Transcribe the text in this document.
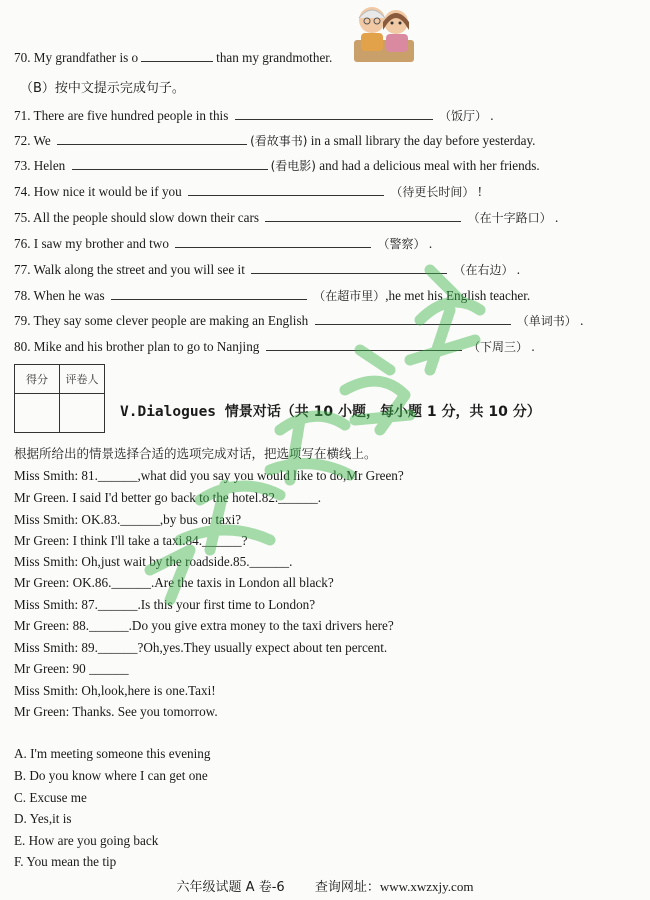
70. My grandfather is o	than my grandmother.
（B）按中文提示完成句子。
71. There are five hundred people in this	（饭厅） .
72. We	(看故事书) in a small library the day before yesterday.
73. Helen	(看电影) and had a delicious meal with her friends.
74. How nice it would be if you	（待更长时间） !
75. All the people should slow down their cars	（在十字路口） .
76. I saw my brother and two	（警察） .
77. Walk along the street and you will see it	（在右边） .
78. When he was	（在超市里）,he met his English teacher.
79. They say some clever people are making an English	（单词书） .
80. Mike and his brother plan to go to Nanjing	（下周三） .
得分	评卷人

V.Dialogues 情景对话（共 10 小题，每小题 1 分，共 10 分）
根据所给出的情景选择合适的选项完成对话，把选项写在横线上。
Miss Smith: 81.______,what did you say you would like to do,Mr Green?
Mr Green. I said I'd better go back to the hotel.82.______.
Miss Smith: OK.83.______,by bus or taxi?
Mr Green: I think I'll take a taxi.84.______?
Miss Smith: Oh,just wait by the roadside.85.______.
Mr Green: OK.86.______.Are the taxis in London all black?
Miss Smith: 87.______.Is this your first time to London?
Mr Green: 88.______.Do you give extra money to the taxi drivers here?
Miss Smith: 89.______?Oh,yes.They usually expect about ten percent.
Mr Green: 90 ______
Miss Smith: Oh,look,here is one.Taxi!
Mr Green: Thanks. See you tomorrow.
A. I'm meeting someone this evening
B. Do you know where I can get one
C. Excuse me
D. Yes,it is
E. How are you going back
F. You mean the tip
六年级试题 A 卷-6 查询网址：www.xwzxjy.com
